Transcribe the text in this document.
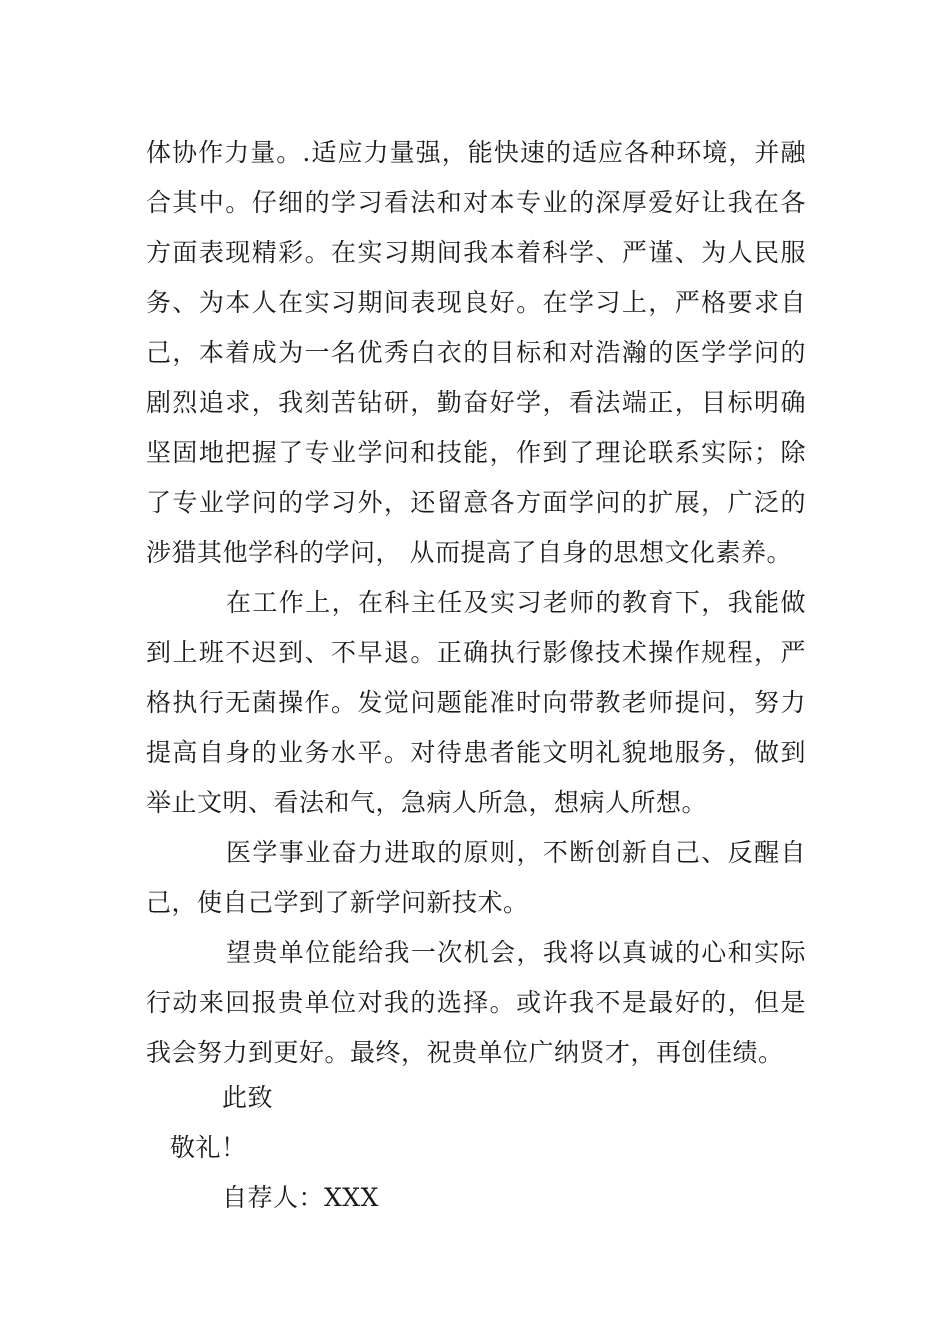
体协作力量。.适应力量强，能快速的适应各种环境，并融
合其中。仔细的学习看法和对本专业的深厚爱好让我在各
方面表现精彩。在实习期间我本着科学、严谨、为人民服
务、为本人在实习期间表现良好。在学习上，严格要求自
己，本着成为一名优秀白衣的目标和对浩瀚的医学学问的
剧烈追求，我刻苦钻研，勤奋好学，看法端正，目标明确
坚固地把握了专业学问和技能，作到了理论联系实际；除
了专业学问的学习外，还留意各方面学问的扩展，广泛的
涉猎其他学科的学问， 从而提高了自身的思想文化素养。
在工作上，在科主任及实习老师的教育下，我能做
到上班不迟到、不早退。正确执行影像技术操作规程，严
格执行无菌操作。发觉问题能准时向带教老师提问，努力
提高自身的业务水平。对待患者能文明礼貌地服务，做到
举止文明、看法和气，急病人所急，想病人所想。
医学事业奋力进取的原则，不断创新自己、反醒自
己，使自己学到了新学问新技术。
望贵单位能给我一次机会，我将以真诚的心和实际
行动来回报贵单位对我的选择。或许我不是最好的，但是
我会努力到更好。最终，祝贵单位广纳贤才，再创佳绩。
此致
敬礼！
自荐人：XXX
